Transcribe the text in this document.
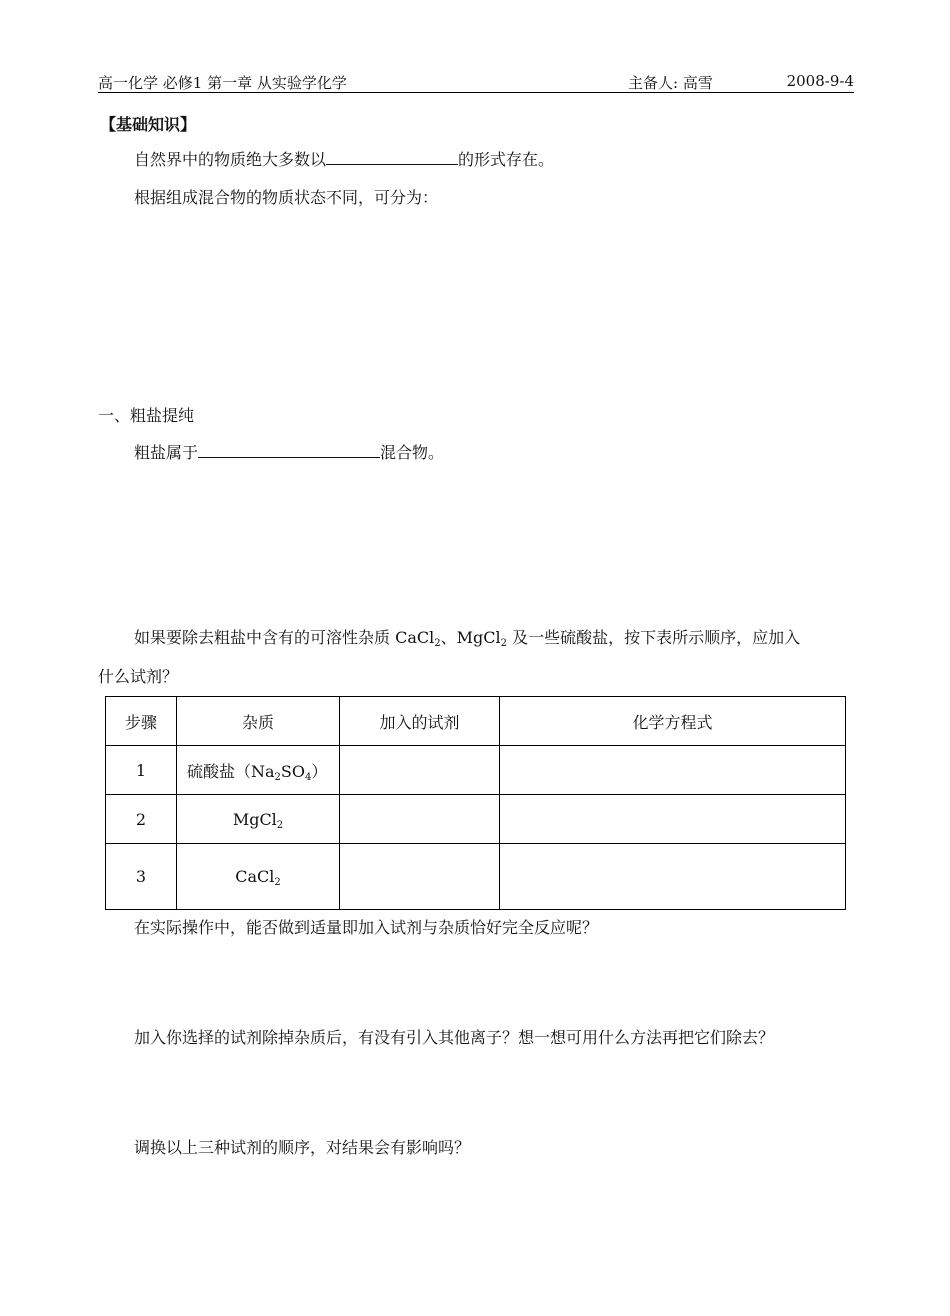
高一化学 必修1 第一章 从实验学化学	主备人: 高雪	2008-9-4
【基础知识】
自然界中的物质绝大多数以	的形式存在。
根据组成混合物的物质状态不同，可分为：
一、粗盐提纯
粗盐属于	混合物。
如果要除去粗盐中含有的可溶性杂质 CaCl$_2$、MgCl$_2$ 及一些硫酸盐，按下表所示顺序，应加入
什么试剂？
步骤	杂质	加入的试剂	化学方程式
1	硫酸盐$(Na_2SO_4)$		
2	MgCl$_2$		
3	CaCl$_2$		
在实际操作中，能否做到适量即加入试剂与杂质恰好完全反应呢？
加入你选择的试剂除掉杂质后，有没有引入其他离子？想一想可用什么方法再把它们除去？
调换以上三种试剂的顺序，对结果会有影响吗？
